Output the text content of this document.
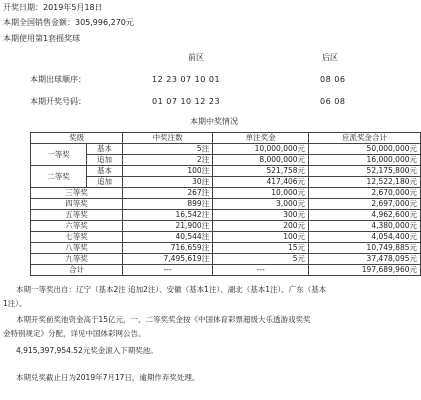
开奖日期：2019年5月18日
本期全国销售金额：305,996,270元
本期使用第1套摇奖球
前区	后区
本期出球顺序：	12 23 07 10 01	08 06
本期开奖号码：	01 07 10 12 23	06 08
本期中奖情况
奖级		中奖注数	单注奖金	应派奖金合计
一等奖	基本	5注	10,000,000元	50,000,000元
	追加	2注	8,000,000元	16,000,000元
二等奖	基本	100注	521,758元	52,175,800元
	追加	30注	417,406元	12,522,180元
三等奖		267注	10,000元	2,670,000元
四等奖		899注	3,000元	2,697,000元
五等奖		16,542注	300元	4,962,600元
六等奖		21,900注	200元	4,380,000元
七等奖		40,544注	100元	4,054,400元
八等奖		716,659注	15元	10,749,885元
九等奖		7,495,619注	5元	37,478,095元
合计		---	---	197,689,960元
本期一等奖出自：辽宁（基本2注 追加2注）、安徽（基本1注）、湖北（基本1注）、广东（基本
1注）。
本期开奖前奖池资金高于15亿元，一、二等奖奖金按《中国体育彩票超级大乐透游戏奖奖
金特别规定》分配，详见中国体彩网公告。
4,915,397,954.52元奖金滚入下期奖池。
本期兑奖截止日为2019年7月17日，逾期作弃奖处理。
